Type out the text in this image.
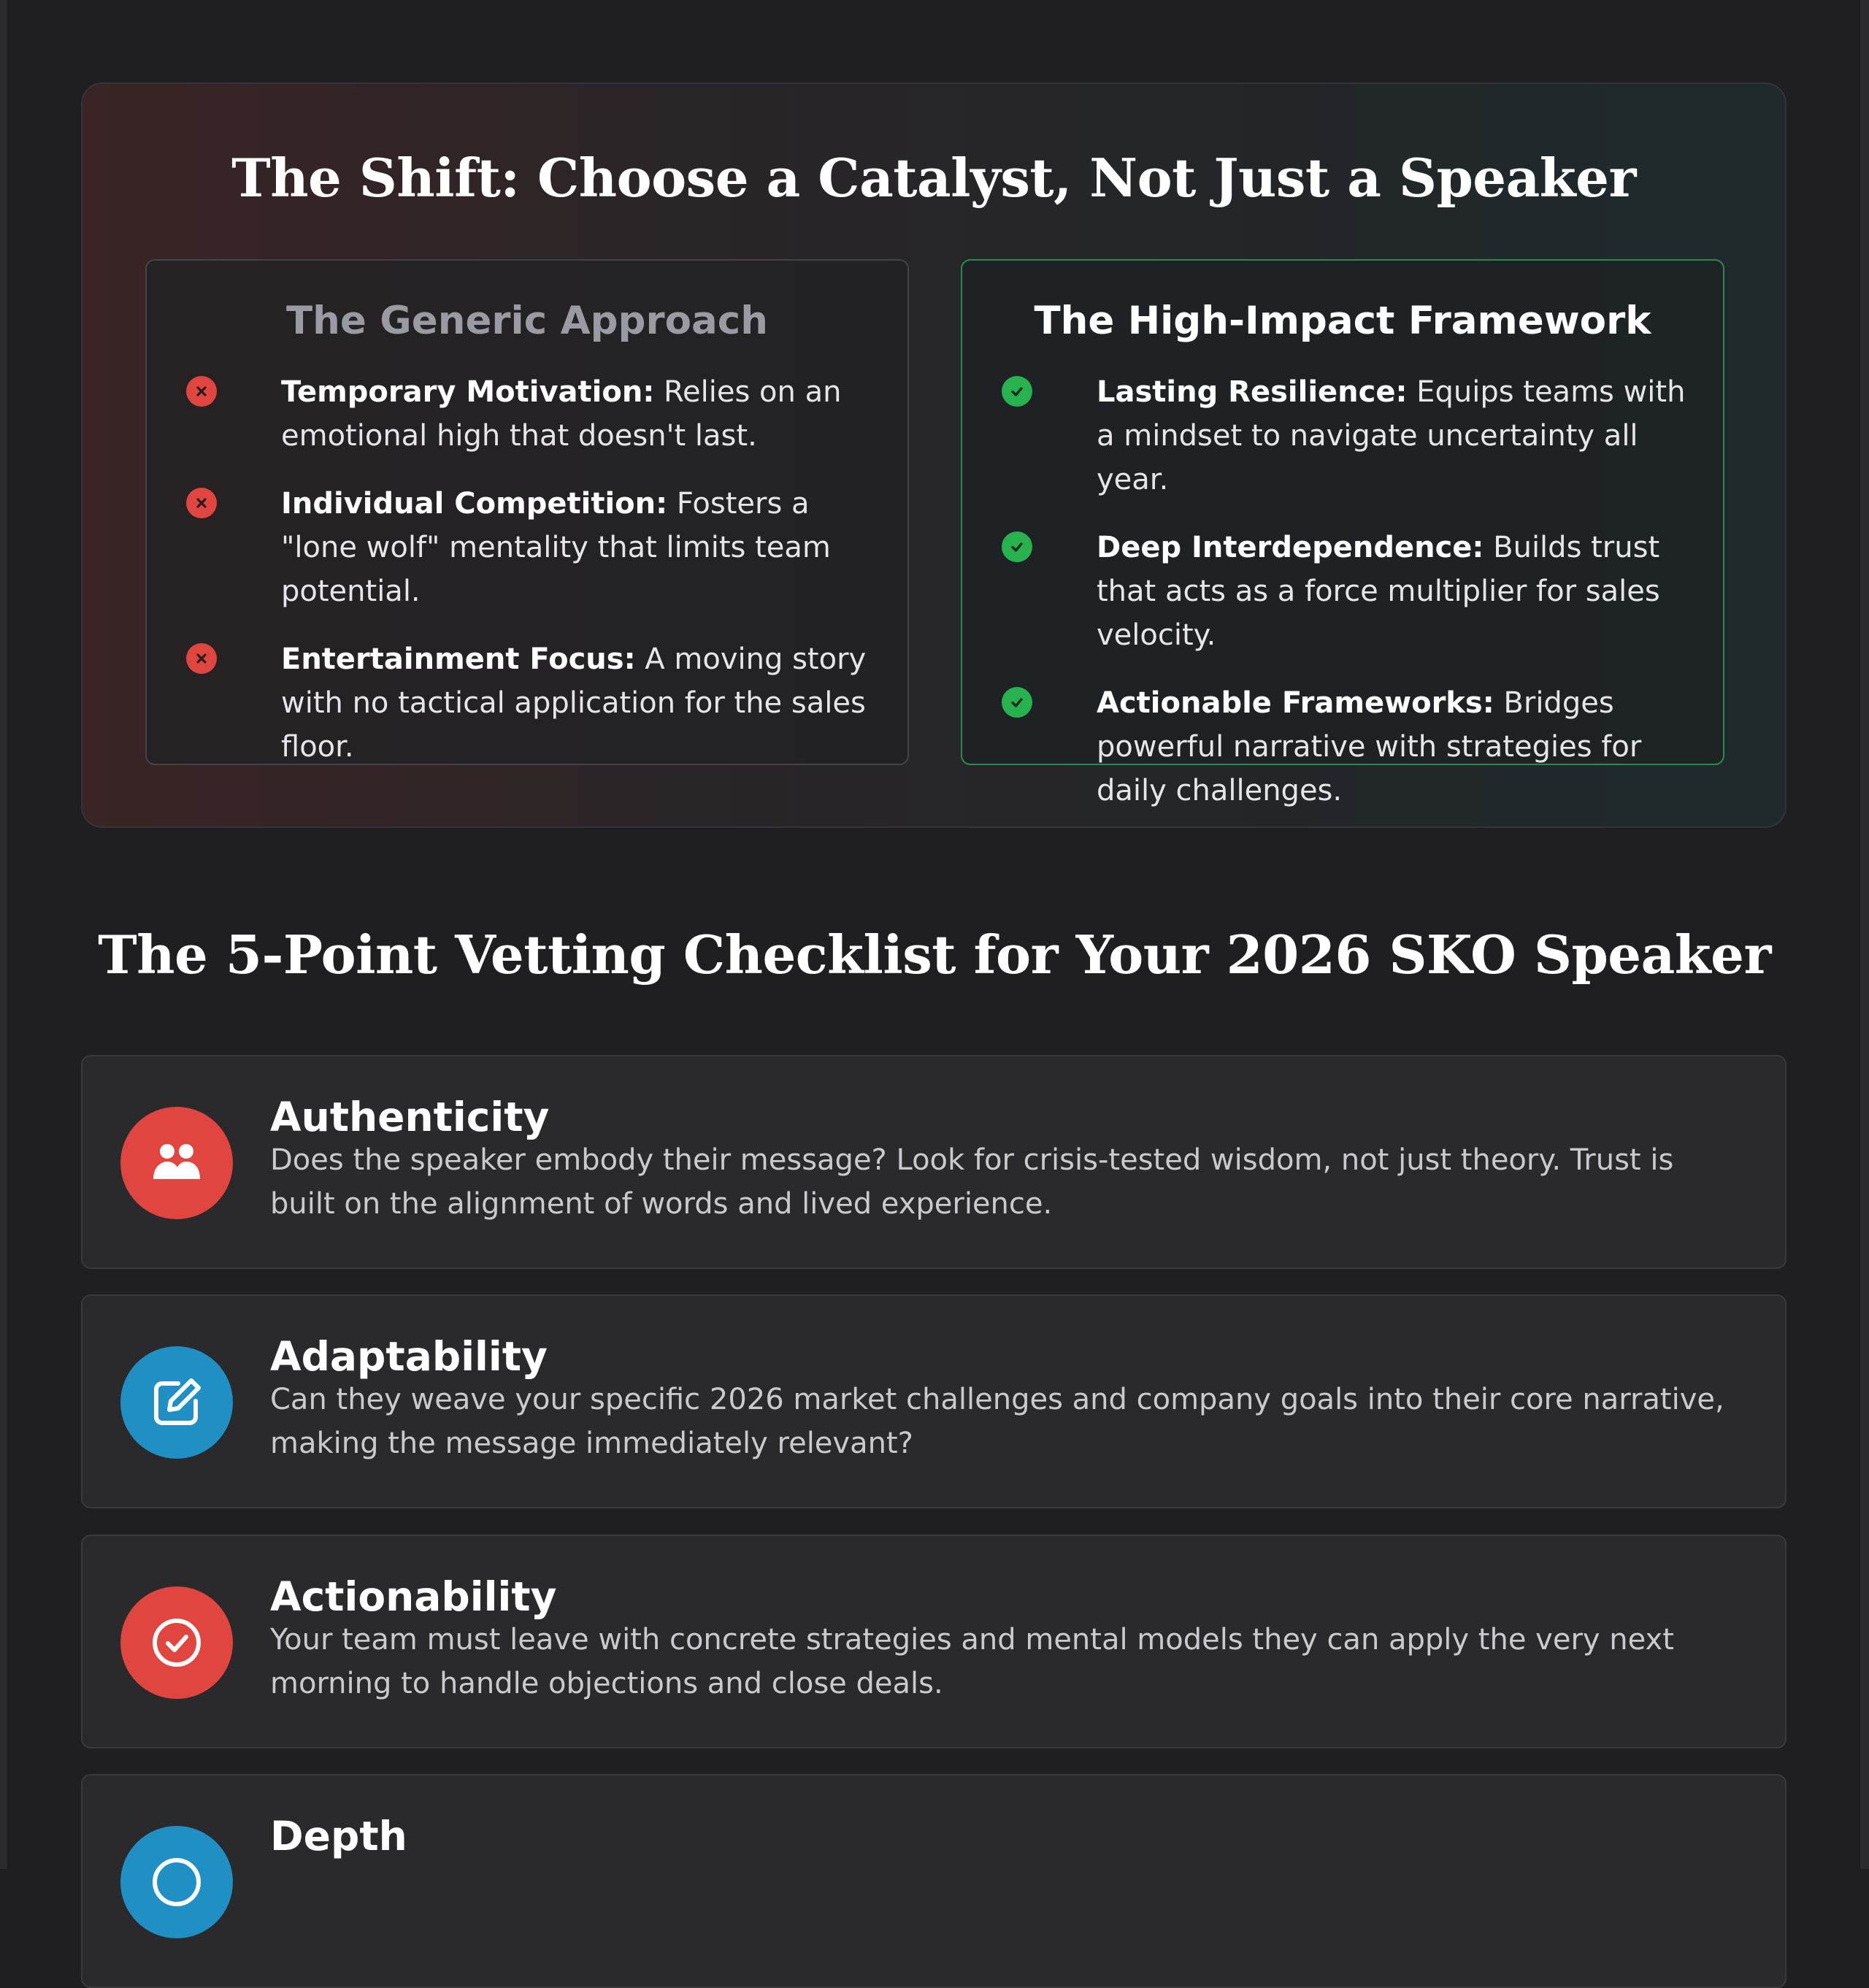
The Shift: Choose a Catalyst, Not Just a Speaker
The Generic Approach
Temporary Motivation: Relies on an emotional high that doesn't last.
Individual Competition: Fosters a "lone wolf" mentality that limits team potential.
Entertainment Focus: A moving story with no tactical application for the sales floor.
The High-Impact Framework
Lasting Resilience: Equips teams with a mindset to navigate uncertainty all year.
Deep Interdependence: Builds trust that acts as a force multiplier for sales velocity.
Actionable Frameworks: Bridges powerful narrative with strategies for daily challenges.
The 5-Point Vetting Checklist for Your 2026 SKO Speaker
Authenticity

Does the speaker embody their message? Look for crisis-tested wisdom, not just theory. Trust is built on the alignment of words and lived experience.

Adaptability

Can they weave your specific 2026 market challenges and company goals into their core narrative, making the message immediately relevant?

Actionability

Your team must leave with concrete strategies and mental models they can apply the very next morning to handle objections and close deals.

Depth
